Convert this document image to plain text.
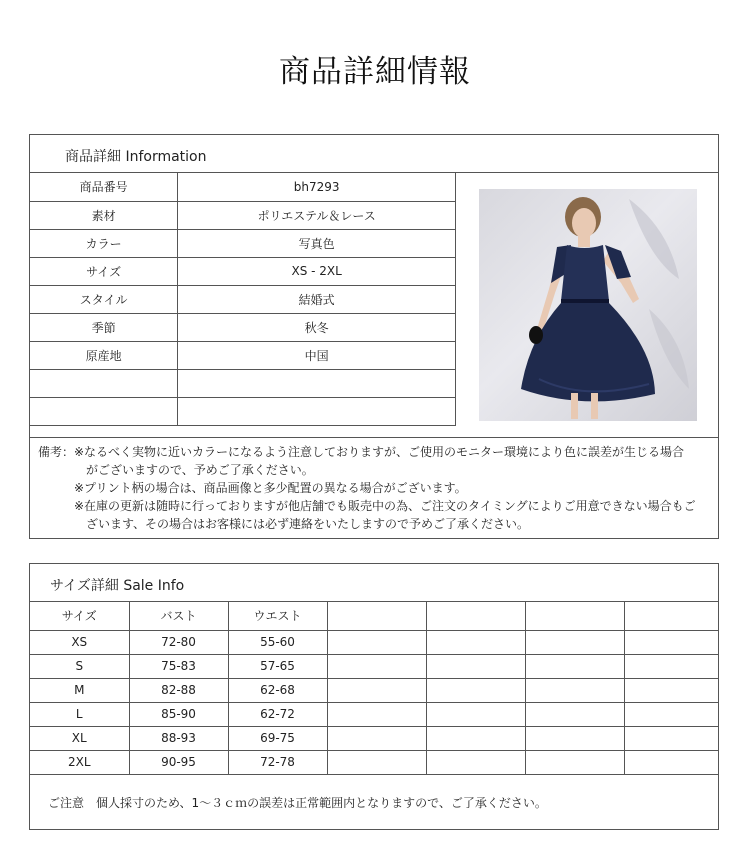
商品詳細情報
商品詳細 Information
商品番号	bh7293
素材	ポリエステル＆レース
カラー	写真色
サイズ	XS - 2XL
スタイル	結婚式
季節	秋冬
原産地	中国

備考： ※なるべく実物に近いカラーになるよう注意しておりますが、ご使用のモニター環境により色に誤差が生じる場合
がございますので、予めご了承ください。
※プリント柄の場合は、商品画像と多少配置の異なる場合がございます。
※在庫の更新は随時に行っておりますが他店舗でも販売中の為、ご注文のタイミングによりご用意できない場合もご
ざいます、その場合はお客様には必ず連絡をいたしますので予めご了承ください。
サイズ詳細 Sale Info
サイズ	バスト	ウエスト				
XS	72-80	55-60				
S	75-83	57-65				
M	82-88	62-68				
L	85-90	62-72				
XL	88-93	69-75				
2XL	90-95	72-78				
ご注意　個人採寸のため、1～３ｃｍの誤差は正常範囲内となりますので、ご了承ください。
